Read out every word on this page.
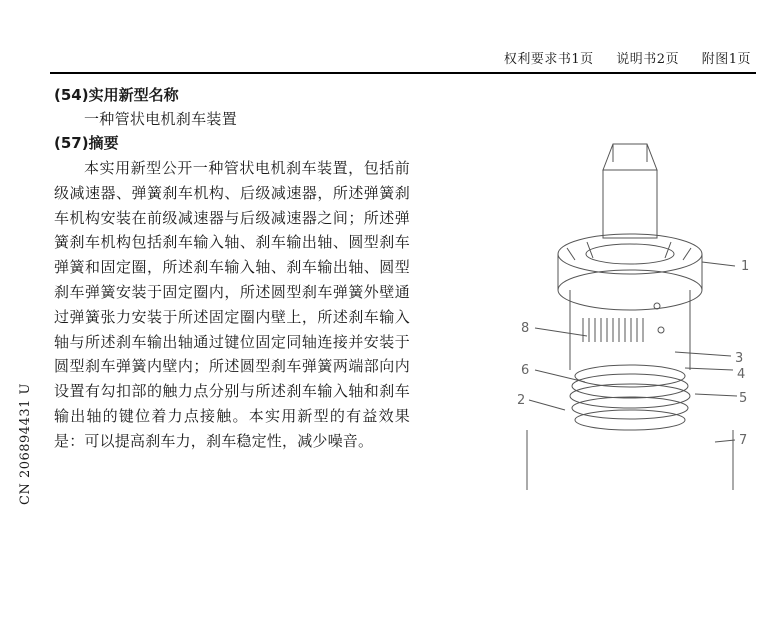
权利要求书1页 说明书2页 附图1页
(54)实用新型名称
一种管状电机刹车装置
(57)摘要

本实用新型公开一种管状电机刹车装置，包括前级减速器、弹簧刹车机构、后级减速器，所述弹簧刹车机构安装在前级减速器与后级减速器之间；所述弹簧刹车机构包括刹车输入轴、刹车输出轴、圆型刹车弹簧和固定圈，所述刹车输入轴、刹车输出轴、圆型刹车弹簧安装于固定圈内，所述圆型刹车弹簧外壁通过弹簧张力安装于所述固定圈内壁上，所述刹车输入轴与所述刹车输出轴通过键位固定同轴连接并安装于圆型刹车弹簧内壁内；所述圆型刹车弹簧两端部向内设置有勾扣部的触力点分别与所述刹车输入轴和刹车输出轴的键位着力点接触。本实用新型的有益效果是：可以提高刹车力，刹车稳定性，减少噪音。

CN 206894431 U
1
8
3
4
5
7
6
2
